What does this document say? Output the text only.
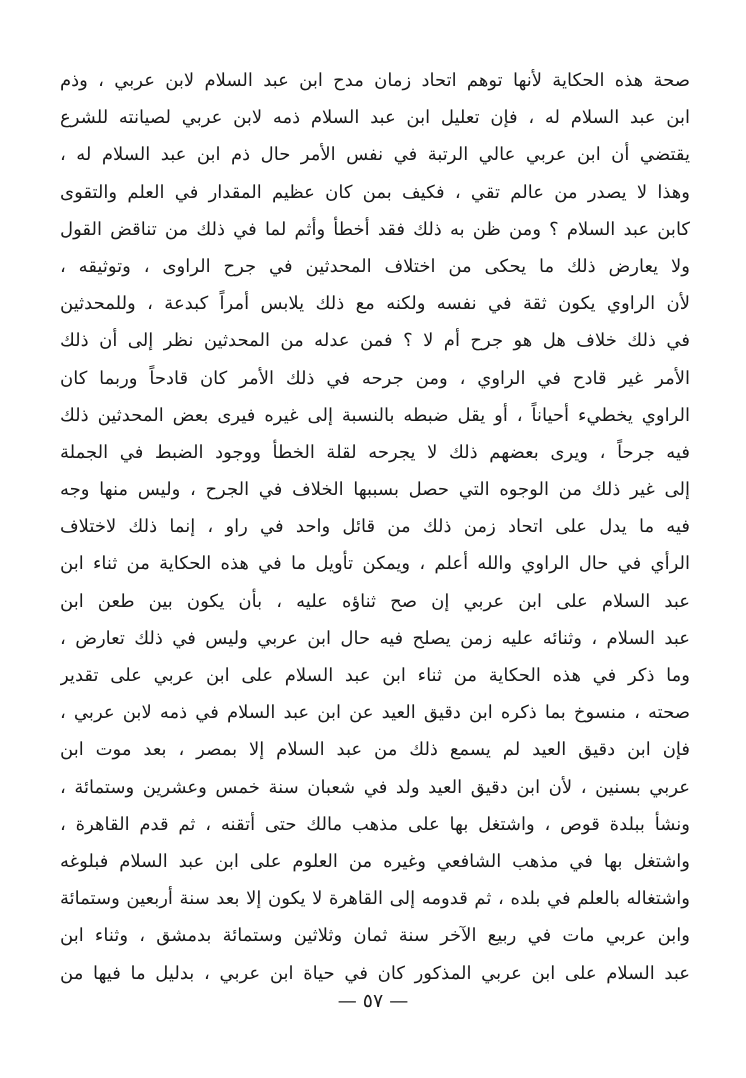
صحة هذه الحكاية لأنها توهم اتحاد زمان مدح ابن عبد السلام لابن عربي ، وذم
ابن عبد السلام له ، فإن تعليل ابن عبد السلام ذمه لابن عربي لصيانته للشرع
يقتضي أن ابن عربي عالي الرتبة في نفس الأمر حال ذم ابن عبد السلام له ،
وهذا لا يصدر من عالم تقي ، فكيف بمن كان عظيم المقدار في العلم والتقوى
كابن عبد السلام ؟ ومن ظن به ذلك فقد أخطأ وأثم لما في ذلك من تناقض القول
ولا يعارض ذلك ما يحكى من اختلاف المحدثين في جرح الراوى ، وتوثيقه ،
لأن الراوي يكون ثقة في نفسه ولكنه مع ذلك يلابس أمراً كبدعة ، وللمحدثين
في ذلك خلاف هل هو جرح أم لا ؟ فمن عدله من المحدثين نظر إلى أن ذلك
الأمر غير قادح في الراوي ، ومن جرحه في ذلك الأمر كان قادحاً وربما كان
الراوي يخطيء أحياناً ، أو يقل ضبطه بالنسبة إلى غيره فيرى بعض المحدثين ذلك
فيه جرحاً ، ويرى بعضهم ذلك لا يجرحه لقلة الخطأ ووجود الضبط في الجملة
إلى غير ذلك من الوجوه التي حصل بسببها الخلاف في الجرح ، وليس منها وجه
فيه ما يدل على اتحاد زمن ذلك من قائل واحد في راو ، إنما ذلك لاختلاف
الرأي في حال الراوي والله أعلم ، ويمكن تأويل ما في هذه الحكاية من ثناء ابن
عبد السلام على ابن عربي إن صح ثناؤه عليه ، بأن يكون بين طعن ابن
عبد السلام ، وثنائه عليه زمن يصلح فيه حال ابن عربي وليس في ذلك تعارض ،
وما ذكر في هذه الحكاية من ثناء ابن عبد السلام على ابن عربي على تقدير
صحته ، منسوخ بما ذكره ابن دقيق العيد عن ابن عبد السلام في ذمه لابن عربي ،
فإن ابن دقيق العيد لم يسمع ذلك من عبد السلام إلا بمصر ، بعد موت ابن
عربي بسنين ، لأن ابن دقيق العيد ولد في شعبان سنة خمس وعشرين وستمائة ،
ونشأ ببلدة قوص ، واشتغل بها على مذهب مالك حتى أتقنه ، ثم قدم القاهرة ،
واشتغل بها في مذهب الشافعي وغيره من العلوم على ابن عبد السلام فبلوغه
واشتغاله بالعلم في بلده ، ثم قدومه إلى القاهرة لا يكون إلا بعد سنة أربعين وستمائة
وابن عربي مات في ربيع الآخر سنة ثمان وثلاثين وستمائة بدمشق ، وثناء ابن
عبد السلام على ابن عربي المذكور كان في حياة ابن عربي ، بدليل ما فيها من
— ٥٧ —
